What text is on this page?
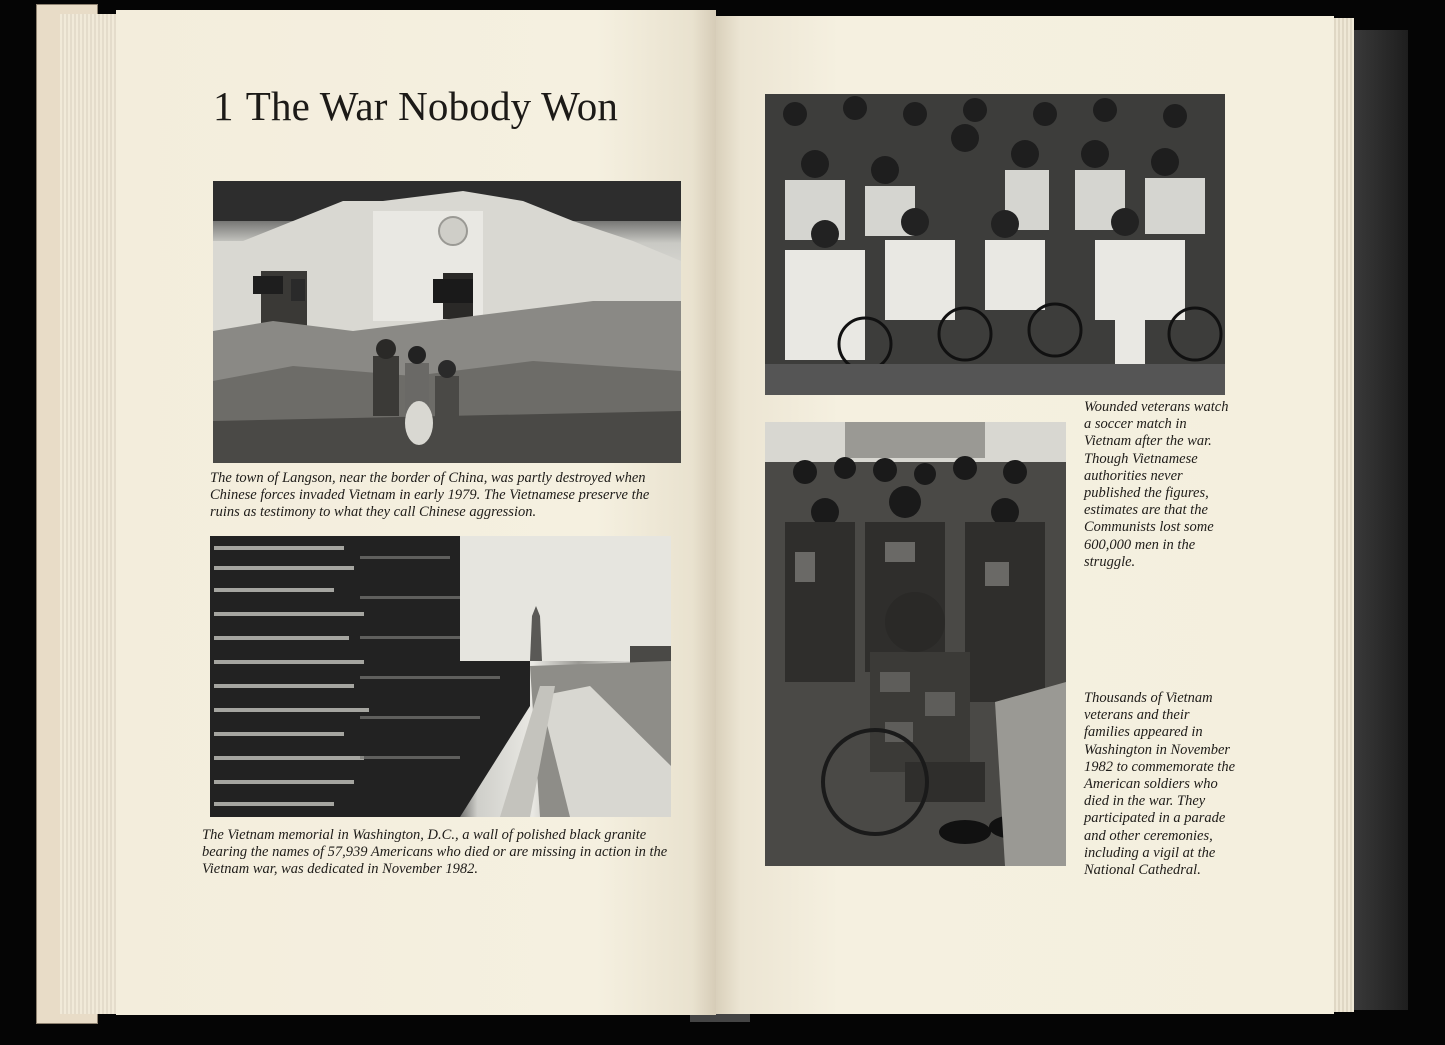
1 The War Nobody Won
The town of Langson, near the border of China, was partly destroyed when Chinese forces invaded Vietnam in early 1979. The Vietnamese preserve the ruins as testimony to what they call Chinese aggression.
The Vietnam memorial in Washington, D.C., a wall of polished black granite bearing the names of 57,939 Americans who died or are missing in action in the Vietnam war, was dedicated in November 1982.
Wounded veterans watch a soccer match in Vietnam after the war. Though Vietnamese authorities never published the figures, estimates are that the Communists lost some 600,000 men in the struggle.
Thousands of Vietnam veterans and their families appeared in Washington in November 1982 to commemorate the American soldiers who died in the war. They participated in a parade and other ceremonies, including a vigil at the National Cathedral.
